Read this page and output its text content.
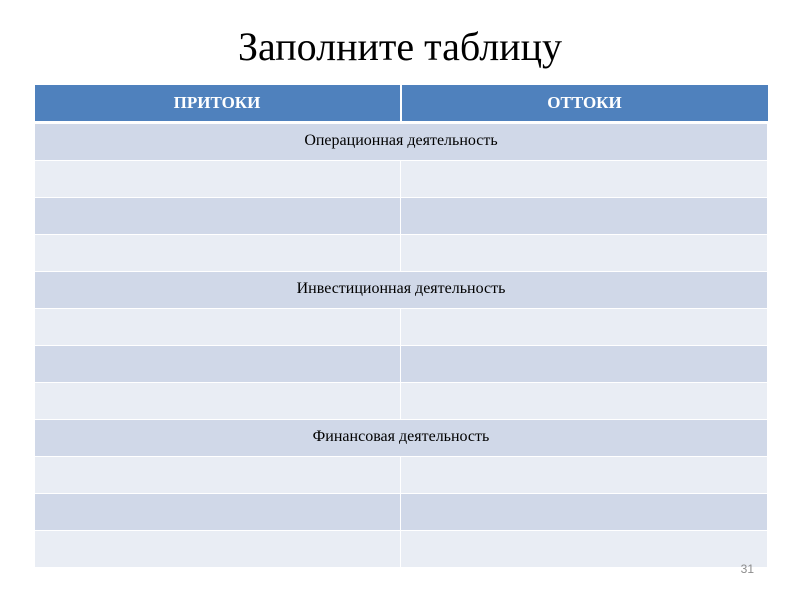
Заполните таблицу
ПРИТОКИ	ОТТОКИ
Операционная деятельность	

Инвестиционная деятельность	

Финансовая деятельность	

31
